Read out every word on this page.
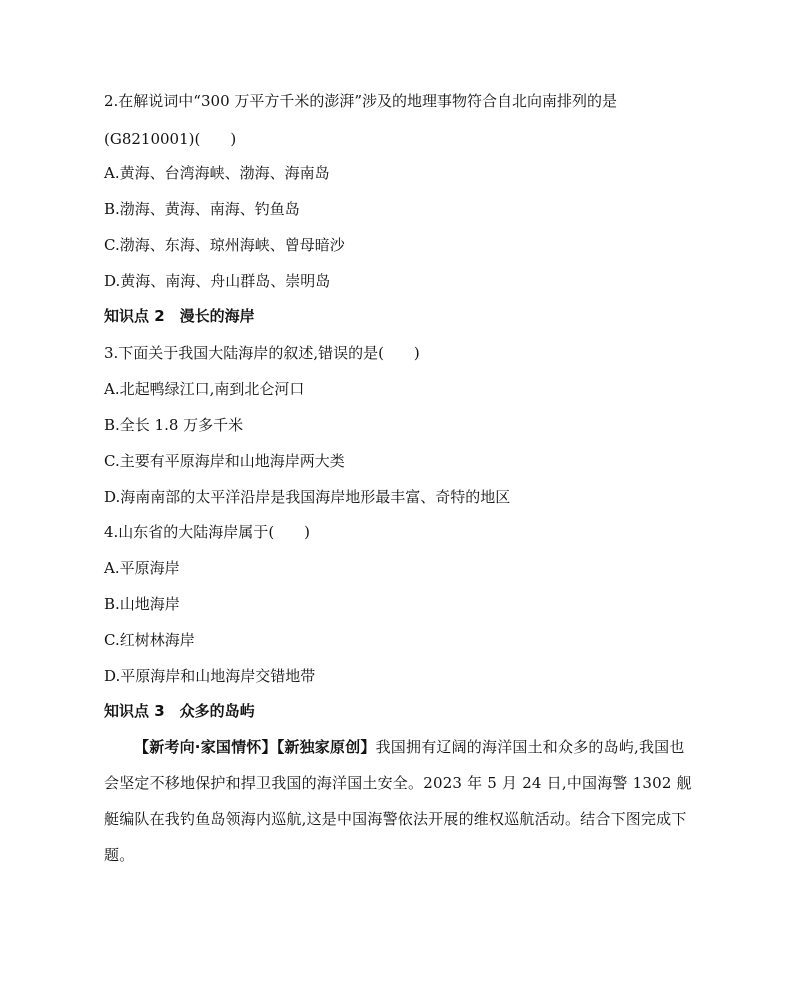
2.在解说词中“300 万平方千米的澎湃”涉及的地理事物符合自北向南排列的是
(G8210001)(　　)
A.黄海、台湾海峡、渤海、海南岛
B.渤海、黄海、南海、钓鱼岛
C.渤海、东海、琼州海峡、曾母暗沙
D.黄海、南海、舟山群岛、崇明岛
知识点 2　漫长的海岸
3.下面关于我国大陆海岸的叙述,错误的是(　　)
A.北起鸭绿江口,南到北仑河口
B.全长 1.8 万多千米
C.主要有平原海岸和山地海岸两大类
D.海南南部的太平洋沿岸是我国海岸地形最丰富、奇特的地区
4.山东省的大陆海岸属于(　　)
A.平原海岸
B.山地海岸
C.红树林海岸
D.平原海岸和山地海岸交错地带
知识点 3　众多的岛屿
【新考向·家国情怀】【新独家原创】我国拥有辽阔的海洋国土和众多的岛屿,我国也会坚定不移地保护和捍卫我国的海洋国土安全。2023 年 5 月 24 日,中国海警 1302 舰艇编队在我钓鱼岛领海内巡航,这是中国海警依法开展的维权巡航活动。结合下图完成下题。
